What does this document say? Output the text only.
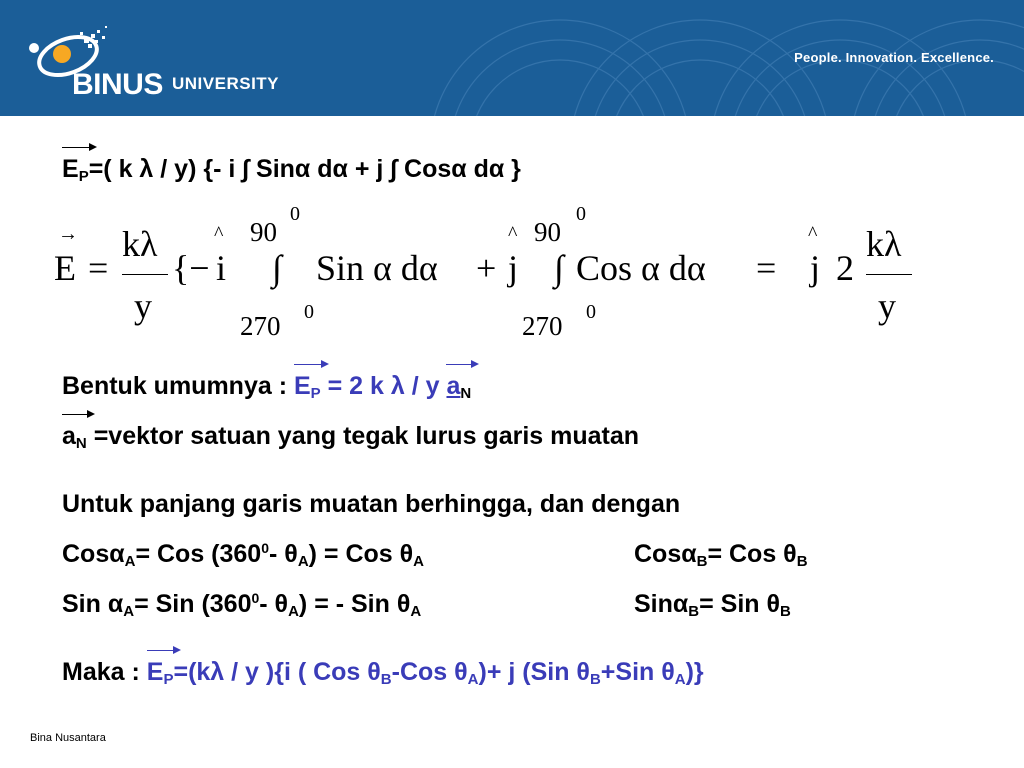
BINUS UNIVERSITY
People. Innovation. Excellence.
$E_P=$( k λ / y) {- i ∫ Sinα dα + j ∫ Cosα dα }
E
→
=
kλ
y
{− i
^ 90
0
∫
270 0
Sin α dα + j
^ 90
0
∫
270 0
Cos α dα = j
^
2
kλ
y
Bentuk umumnya : $E_P = 2$ k λ / y $a_N$
$a_N$ =vektor satuan yang tegak lurus garis muatan
Untuk panjang garis muatan berhingga, dan dengan
Cosα$_A$= Cos ($360^0-$ $\theta_A$) = Cos $\theta_A$	Cosα$_B$= Cos $\theta_B$
Sin $\alpha_A=$ Sin ($360^0-$ $\theta_A$) = - Sin $\theta_A$	Sinα$_B$= Sin $\theta_B$
Maka : $E_P=(k\lambda / y$ ){i ( Cos $\theta_B$-Cos $\theta_A)+ j$ (Sin $\theta_B+Sin$ $\theta_A$)}
Bina Nusantara
